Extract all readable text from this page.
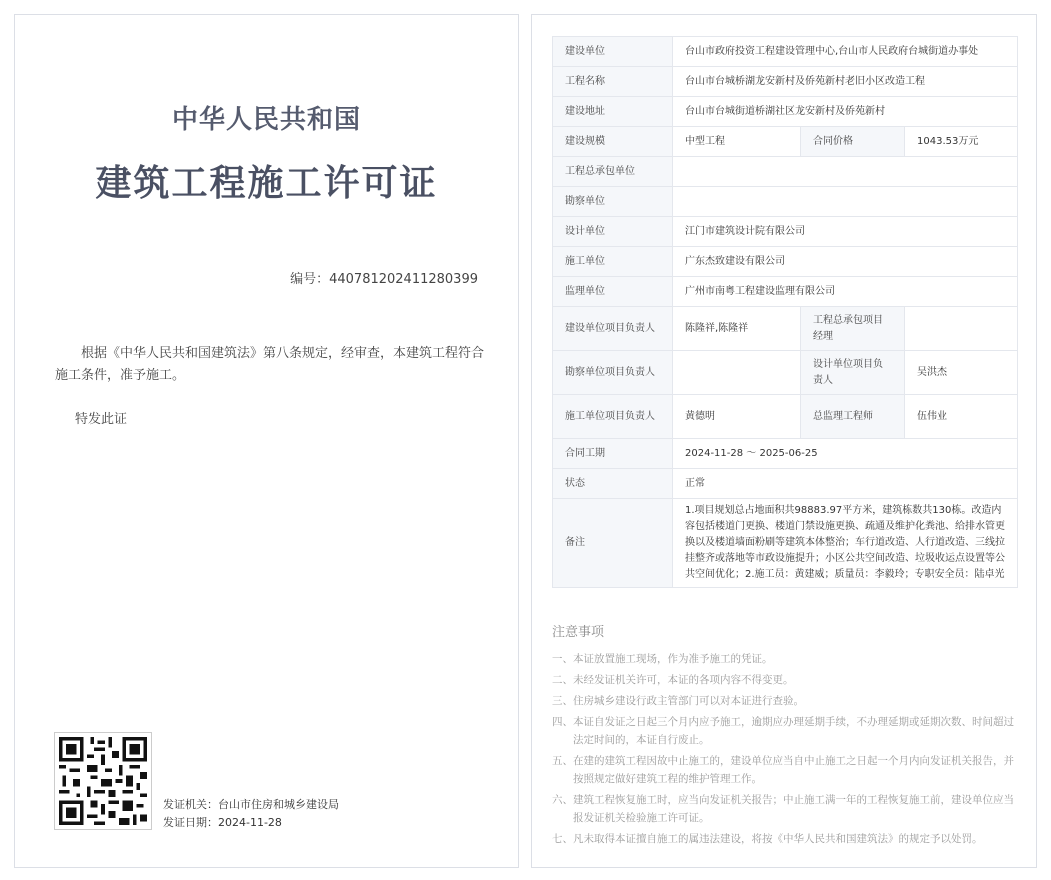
中华人民共和国
建筑工程施工许可证
编号：440781202411280399
根据《中华人民共和国建筑法》第八条规定，经审查，本建筑工程符合施工条件，准予施工。
特发此证
发证机关：台山市住房和城乡建设局
发证日期：2024-11-28
建设单位	台山市政府投资工程建设管理中心,台山市人民政府台城街道办事处		
工程名称	台山市台城桥湖龙安新村及侨苑新村老旧小区改造工程		
建设地址	台山市台城街道桥湖社区龙安新村及侨苑新村		
建设规模	中型工程	合同价格	1043.53万元
工程总承包单位			
勘察单位			
设计单位	江门市建筑设计院有限公司		
施工单位	广东杰致建设有限公司		
监理单位	广州市南粤工程建设监理有限公司		
建设单位项目负责人	陈隆祥,陈隆祥	工程总承包项目经理	
勘察单位项目负责人		设计单位项目负责人	吴洪杰
施工单位项目负责人	黄德明	总监理工程师	伍伟业
合同工期	2024-11-28 ～ 2025-06-25		
状态	正常		
备注	1.项目规划总占地面积共98883.97平方米，建筑栋数共130栋。改造内容包括楼道门更换、楼道门禁设施更换、疏通及维护化粪池、给排水管更换以及楼道墙面粉刷等建筑本体整治；车行道改造、人行道改造、三线拉挂整齐或落地等市政设施提升；小区公共空间改造、垃圾收运点设置等公共空间优化；2.施工员：黄建威；质量员：李毅玲；专职安全员：陆卓光		
注意事项
一、本证放置施工现场，作为准予施工的凭证。
二、未经发证机关许可，本证的各项内容不得变更。
三、住房城乡建设行政主管部门可以对本证进行查验。
四、本证自发证之日起三个月内应予施工，逾期应办理延期手续，不办理延期或延期次数、时间超过法定时间的，本证自行废止。
五、在建的建筑工程因故中止施工的，建设单位应当自中止施工之日起一个月内向发证机关报告，并按照规定做好建筑工程的维护管理工作。
六、建筑工程恢复施工时，应当向发证机关报告；中止施工满一年的工程恢复施工前，建设单位应当报发证机关检验施工许可证。
七、凡未取得本证擅自施工的属违法建设，将按《中华人民共和国建筑法》的规定予以处罚。
